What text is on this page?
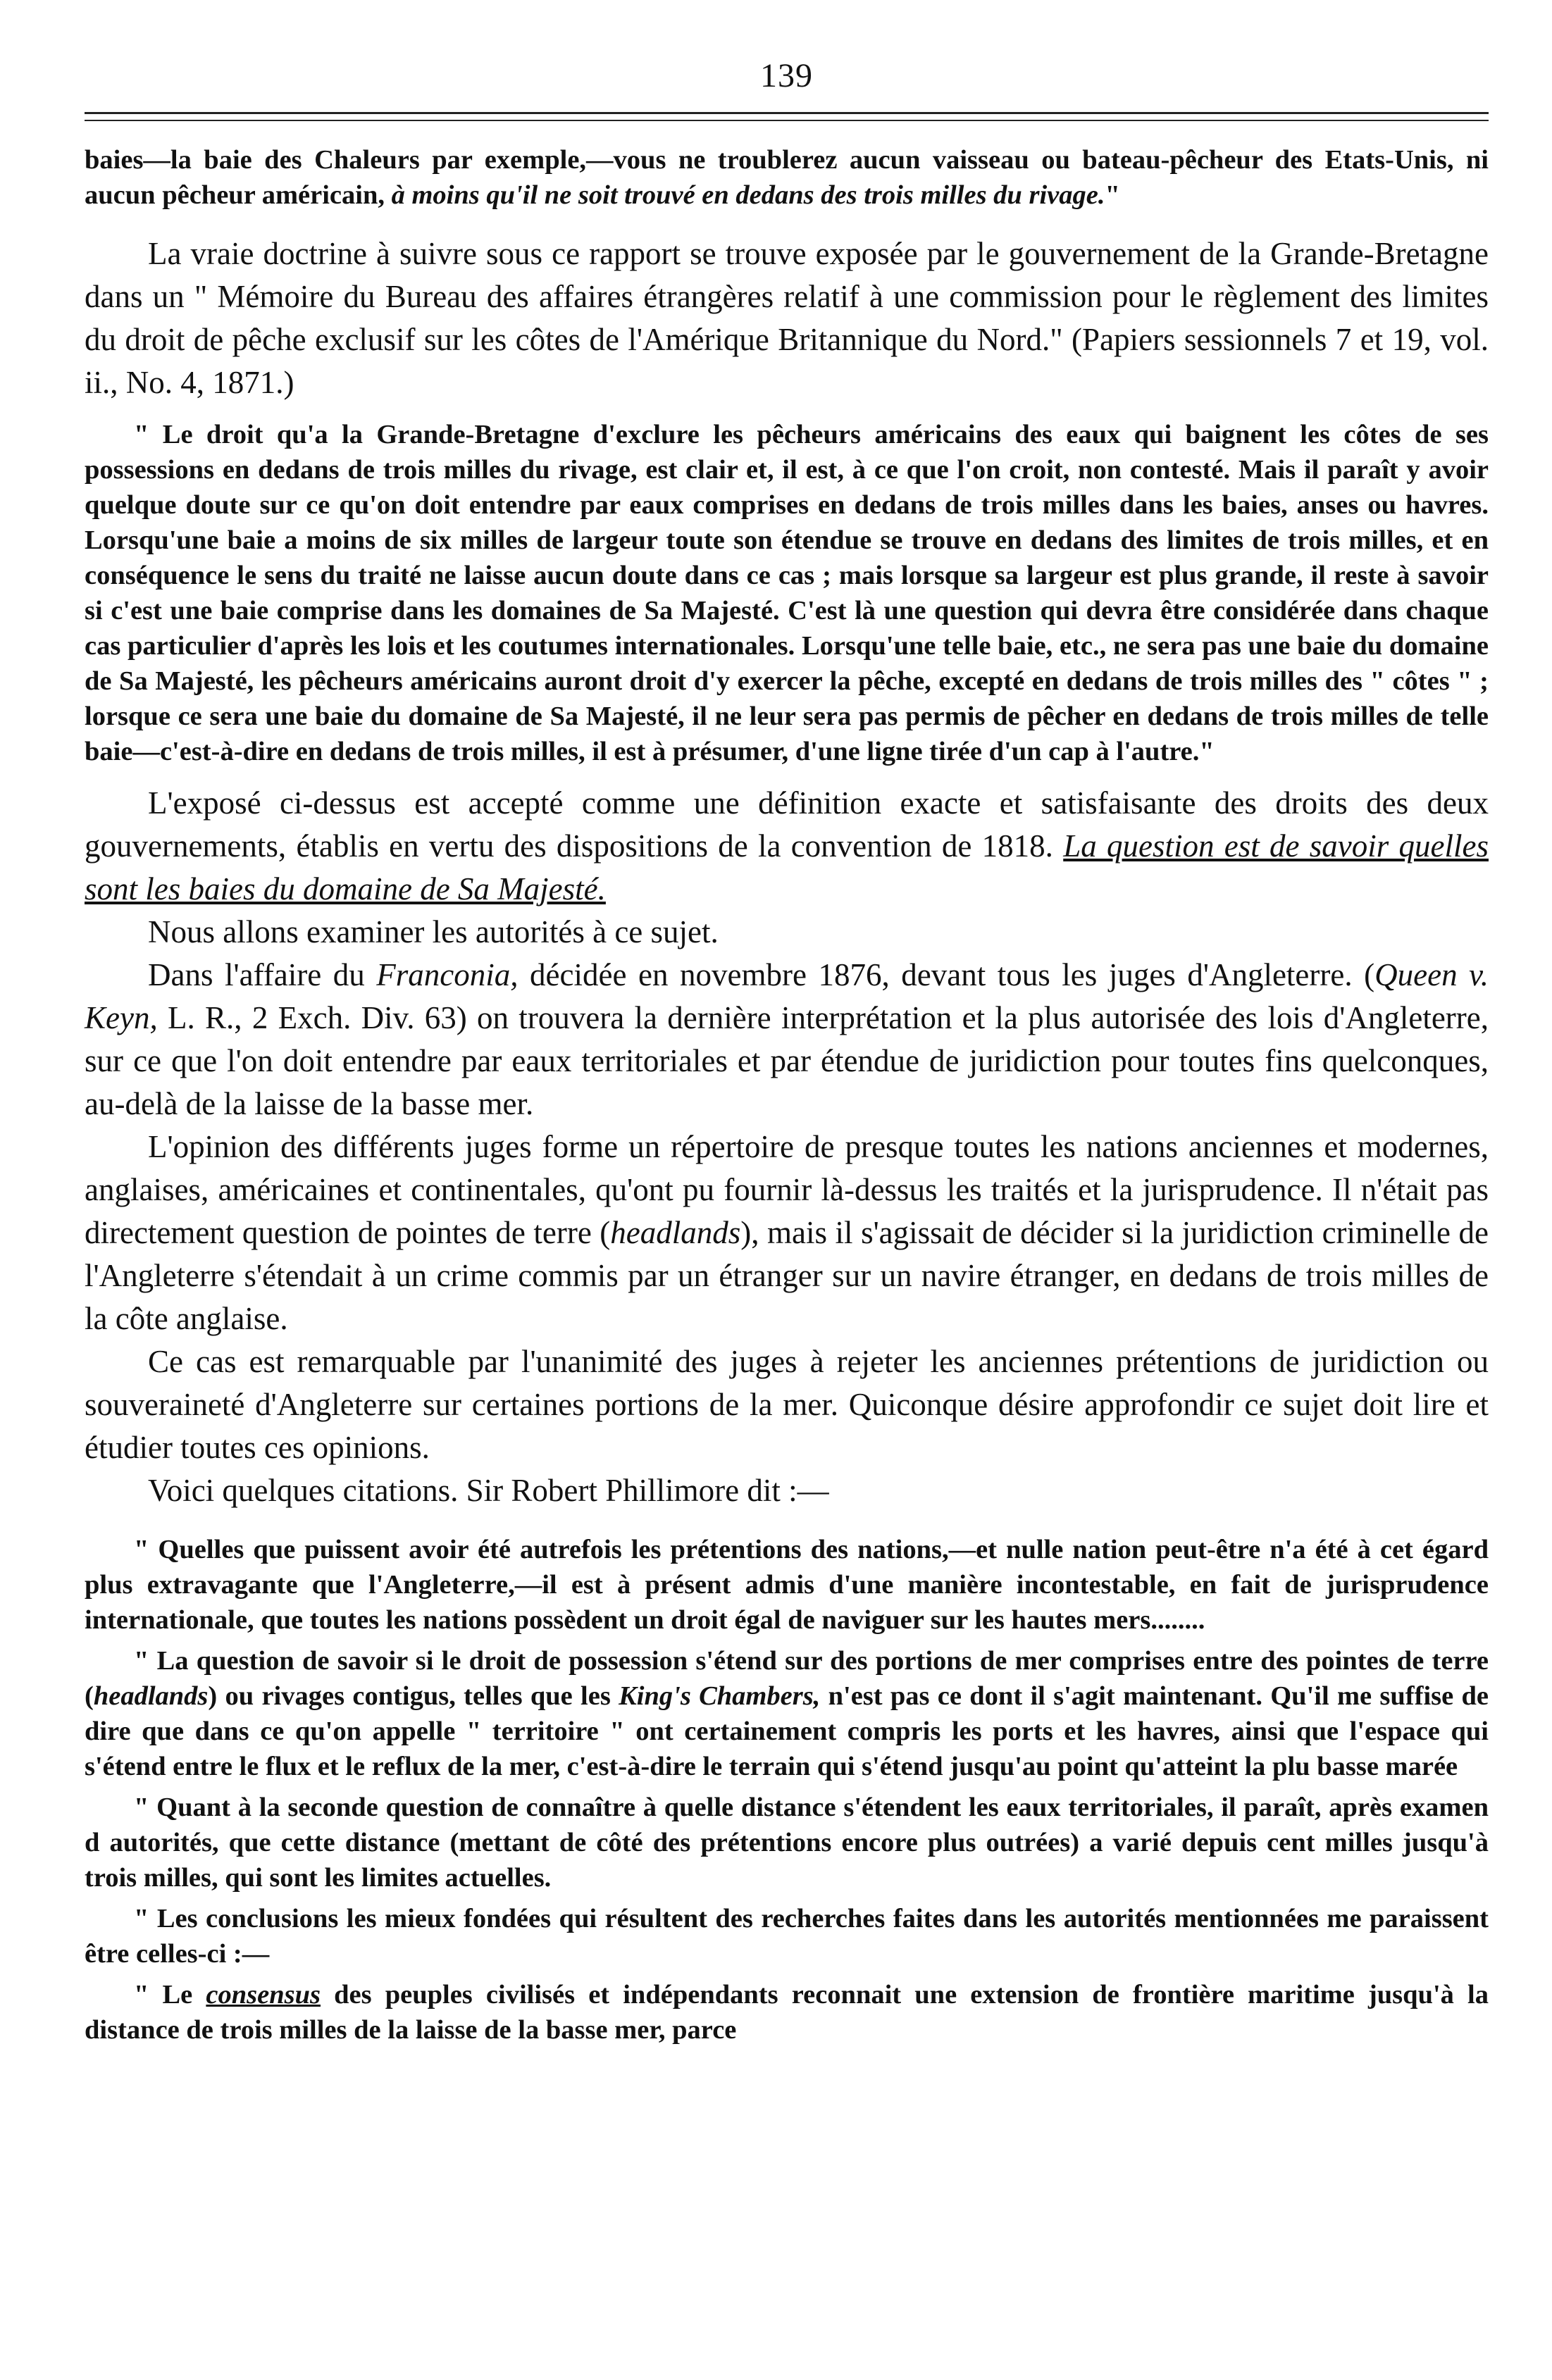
139

baies—la baie des Chaleurs par exemple,—vous ne troublerez aucun vaisseau ou bateau-pêcheur des Etats-Unis, ni aucun pêcheur américain, à moins qu'il ne soit trouvé en dedans des trois milles du rivage."

La vraie doctrine à suivre sous ce rapport se trouve exposée par le gouvernement de la Grande-Bretagne dans un " Mémoire du Bureau des affaires étrangères relatif à une commission pour le règlement des limites du droit de pêche exclusif sur les côtes de l'Amérique Britannique du Nord." (Papiers sessionnels 7 et 19, vol. ii., No. 4, 1871.)

" Le droit qu'a la Grande-Bretagne d'exclure les pêcheurs américains des eaux qui baignent les côtes de ses possessions en dedans de trois milles du rivage, est clair et, il est, à ce que l'on croit, non contesté. Mais il paraît y avoir quelque doute sur ce qu'on doit entendre par eaux comprises en dedans de trois milles dans les baies, anses ou havres. Lorsqu'une baie a moins de six milles de largeur toute son étendue se trouve en dedans des limites de trois milles, et en conséquence le sens du traité ne laisse aucun doute dans ce cas ; mais lorsque sa largeur est plus grande, il reste à savoir si c'est une baie comprise dans les domaines de Sa Majesté. C'est là une question qui devra être considérée dans chaque cas particulier d'après les lois et les coutumes internationales. Lorsqu'une telle baie, etc., ne sera pas une baie du domaine de Sa Majesté, les pêcheurs américains auront droit d'y exercer la pêche, excepté en dedans de trois milles des " côtes " ; lorsque ce sera une baie du domaine de Sa Majesté, il ne leur sera pas permis de pêcher en dedans de trois milles de telle baie—c'est-à-dire en dedans de trois milles, il est à présumer, d'une ligne tirée d'un cap à l'autre."

L'exposé ci-dessus est accepté comme une définition exacte et satisfaisante des droits des deux gouvernements, établis en vertu des dispositions de la convention de 1818. La question est de savoir quelles sont les baies du domaine de Sa Majesté.

Nous allons examiner les autorités à ce sujet.

Dans l'affaire du Franconia, décidée en novembre 1876, devant tous les juges d'Angleterre. (Queen v. Keyn, L. R., 2 Exch. Div. 63) on trouvera la dernière interprétation et la plus autorisée des lois d'Angleterre, sur ce que l'on doit entendre par eaux territoriales et par étendue de juridiction pour toutes fins quelconques, au-delà de la laisse de la basse mer.

L'opinion des différents juges forme un répertoire de presque toutes les nations anciennes et modernes, anglaises, américaines et continentales, qu'ont pu fournir là-dessus les traités et la jurisprudence. Il n'était pas directement question de pointes de terre (headlands), mais il s'agissait de décider si la juridiction criminelle de l'Angleterre s'étendait à un crime commis par un étranger sur un navire étranger, en dedans de trois milles de la côte anglaise.

Ce cas est remarquable par l'unanimité des juges à rejeter les anciennes prétentions de juridiction ou souveraineté d'Angleterre sur certaines portions de la mer. Quiconque désire approfondir ce sujet doit lire et étudier toutes ces opinions.

Voici quelques citations. Sir Robert Phillimore dit :—

" Quelles que puissent avoir été autrefois les prétentions des nations,—et nulle nation peut-être n'a été à cet égard plus extravagante que l'Angleterre,—il est à présent admis d'une manière incontestable, en fait de jurisprudence internationale, que toutes les nations possèdent un droit égal de naviguer sur les hautes mers........

" La question de savoir si le droit de possession s'étend sur des portions de mer comprises entre des pointes de terre (headlands) ou rivages contigus, telles que les King's Chambers, n'est pas ce dont il s'agit maintenant. Qu'il me suffise de dire que dans ce qu'on appelle " territoire " ont certainement compris les ports et les havres, ainsi que l'espace qui s'étend entre le flux et le reflux de la mer, c'est-à-dire le terrain qui s'étend jusqu'au point qu'atteint la plu basse marée

" Quant à la seconde question de connaître à quelle distance s'étendent les eaux territoriales, il paraît, après examen d autorités, que cette distance (mettant de côté des prétentions encore plus outrées) a varié depuis cent milles jusqu'à trois milles, qui sont les limites actuelles.

" Les conclusions les mieux fondées qui résultent des recherches faites dans les autorités mentionnées me paraissent être celles-ci :—

" Le consensus des peuples civilisés et indépendants reconnait une extension de frontière maritime jusqu'à la distance de trois milles de la laisse de la basse mer, parce
